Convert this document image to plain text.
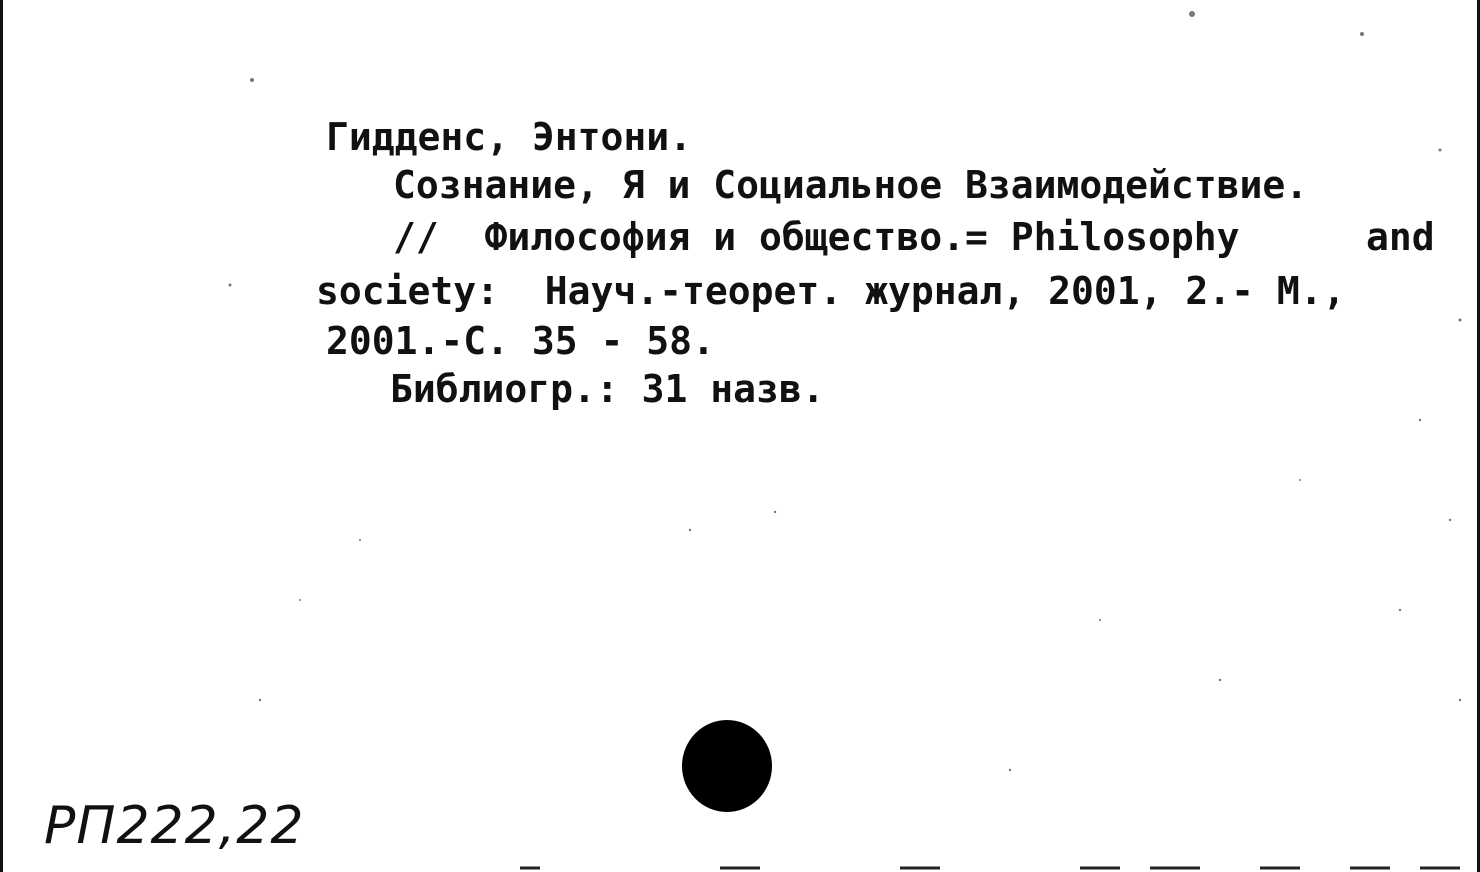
Гидденс, Энтони.

Сознание, Я и Социальное Взаимодействие.

//  Философия и общество.= Philosophy

	and

society:  Науч.-теорет. журнал, 2001, 2.- М.,

2001.-С. 35 - 58.

Библиогр.: 31 назв.

РП222,22
